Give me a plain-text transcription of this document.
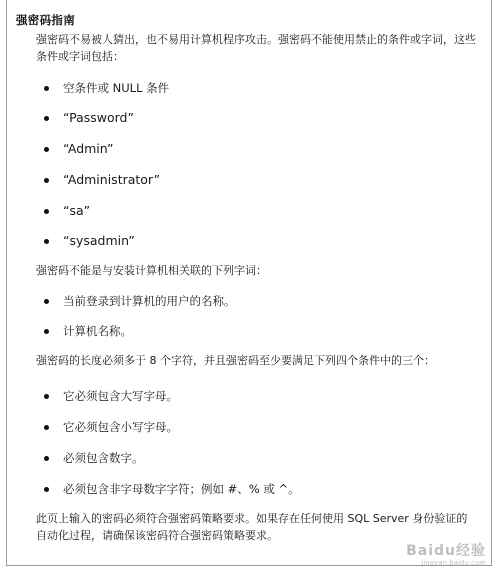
强密码指南
强密码不易被人猜出，也不易用计算机程序攻击。强密码不能使用禁止的条件或字词，这些条件或字词包括：
空条件或 NULL 条件
“Password”
“Admin”
“Administrator”
“sa”
“sysadmin”
强密码不能是与安装计算机相关联的下列字词：
当前登录到计算机的用户的名称。
计算机名称。
强密码的长度必须多于 8 个字符，并且强密码至少要满足下列四个条件中的三个：
它必须包含大写字母。
它必须包含小写字母。
必须包含数字。
必须包含非字母数字字符；例如 #、% 或 ^。
此页上输入的密码必须符合强密码策略要求。如果存在任何使用 SQL Server 身份验证的自动化过程，请确保该密码符合强密码策略要求。
Baidu经验
jingyan.baidu.com
